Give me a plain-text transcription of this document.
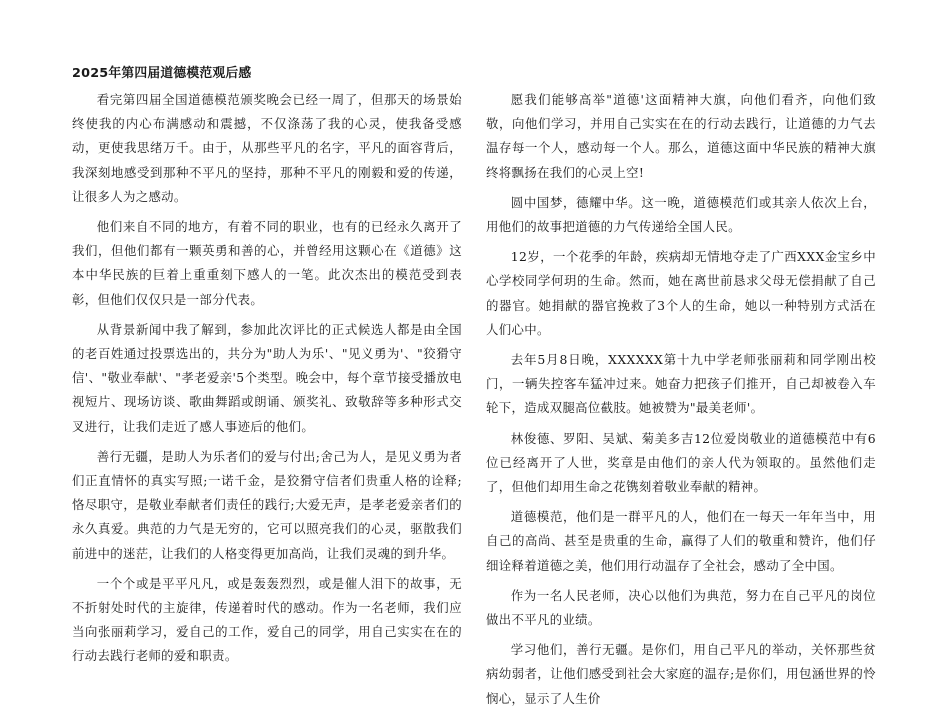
2025年第四届道德模范观后感

看完第四届全国道德模范颁奖晚会已经一周了，但那天的场景始终使我的内心布满感动和震撼，不仅涤荡了我的心灵，使我备受感动，更使我思绪万千。由于，从那些平凡的名字，平凡的面容背后，我深刻地感受到那种不平凡的坚持，那种不平凡的刚毅和爱的传递，让很多人为之感动。

他们来自不同的地方，有着不同的职业，也有的已经永久离开了我们，但他们都有一颗英勇和善的心，并曾经用这颗心在《道德》这本中华民族的巨着上重重刻下感人的一笔。此次杰出的模范受到表彰，但他们仅仅只是一部分代表。

从背景新闻中我了解到，参加此次评比的正式候选人都是由全国的老百姓通过投票选出的，共分为"助人为乐'、"见义勇为'、"狡猾守信'、"敬业奉献'、"孝老爱亲'5个类型。晚会中，每个章节接受播放电视短片、现场访谈、歌曲舞蹈或朗诵、颁奖礼、致敬辞等多种形式交叉进行，让我们走近了感人事迹后的他们。

善行无疆，是助人为乐者们的爱与付出;舍己为人，是见义勇为者们正直情怀的真实写照;一诺千金，是狡猾守信者们贵重人格的诠释;恪尽职守，是敬业奉献者们责任的践行;大爱无声，是孝老爱亲者们的永久真爱。典范的力气是无穷的，它可以照亮我们的心灵，驱散我们前进中的迷茫，让我们的人格变得更加高尚，让我们灵魂的到升华。

一个个或是平平凡凡，或是轰轰烈烈，或是催人泪下的故事，无不折射处时代的主旋律，传递着时代的感动。作为一名老师，我们应当向张丽莉学习，爱自己的工作，爱自己的同学，用自己实实在在的行动去践行老师的爱和职责。

愿我们能够高举"道德'这面精神大旗，向他们看齐，向他们致敬，向他们学习，并用自己实实在在的行动去践行，让道德的力气去温存每一个人，感动每一个人。那么，道德这面中华民族的精神大旗终将飘扬在我们的心灵上空!

圆中国梦，德耀中华。这一晚，道德模范们或其亲人依次上台，用他们的故事把道德的力气传递给全国人民。

12岁，一个花季的年龄，疾病却无情地夺走了广西XXX金宝乡中心学校同学何玥的生命。然而，她在离世前恳求父母无偿捐献了自己的器官。她捐献的器官挽救了3个人的生命，她以一种特别方式活在人们心中。

去年5月8日晚，XXXXXX第十九中学老师张丽莉和同学刚出校门，一辆失控客车猛冲过来。她奋力把孩子们推开，自己却被卷入车轮下，造成双腿高位截肢。她被赞为"最美老师'。

林俊德、罗阳、吴斌、菊美多吉12位爱岗敬业的道德模范中有6位已经离开了人世，奖章是由他们的亲人代为领取的。虽然他们走了，但他们却用生命之花镌刻着敬业奉献的精神。

道德模范，他们是一群平凡的人，他们在一每天一年年当中，用自己的高尚、甚至是贵重的生命，赢得了人们的敬重和赞许，他们仔细诠释着道德之美，他们用行动温存了全社会，感动了全中国。

作为一名人民老师，决心以他们为典范，努力在自己平凡的岗位做出不平凡的业绩。

学习他们，善行无疆。是你们，用自己平凡的举动，关怀那些贫病幼弱者，让他们感受到社会大家庭的温存;是你们，用包涵世界的怜悯心，显示了人生价
